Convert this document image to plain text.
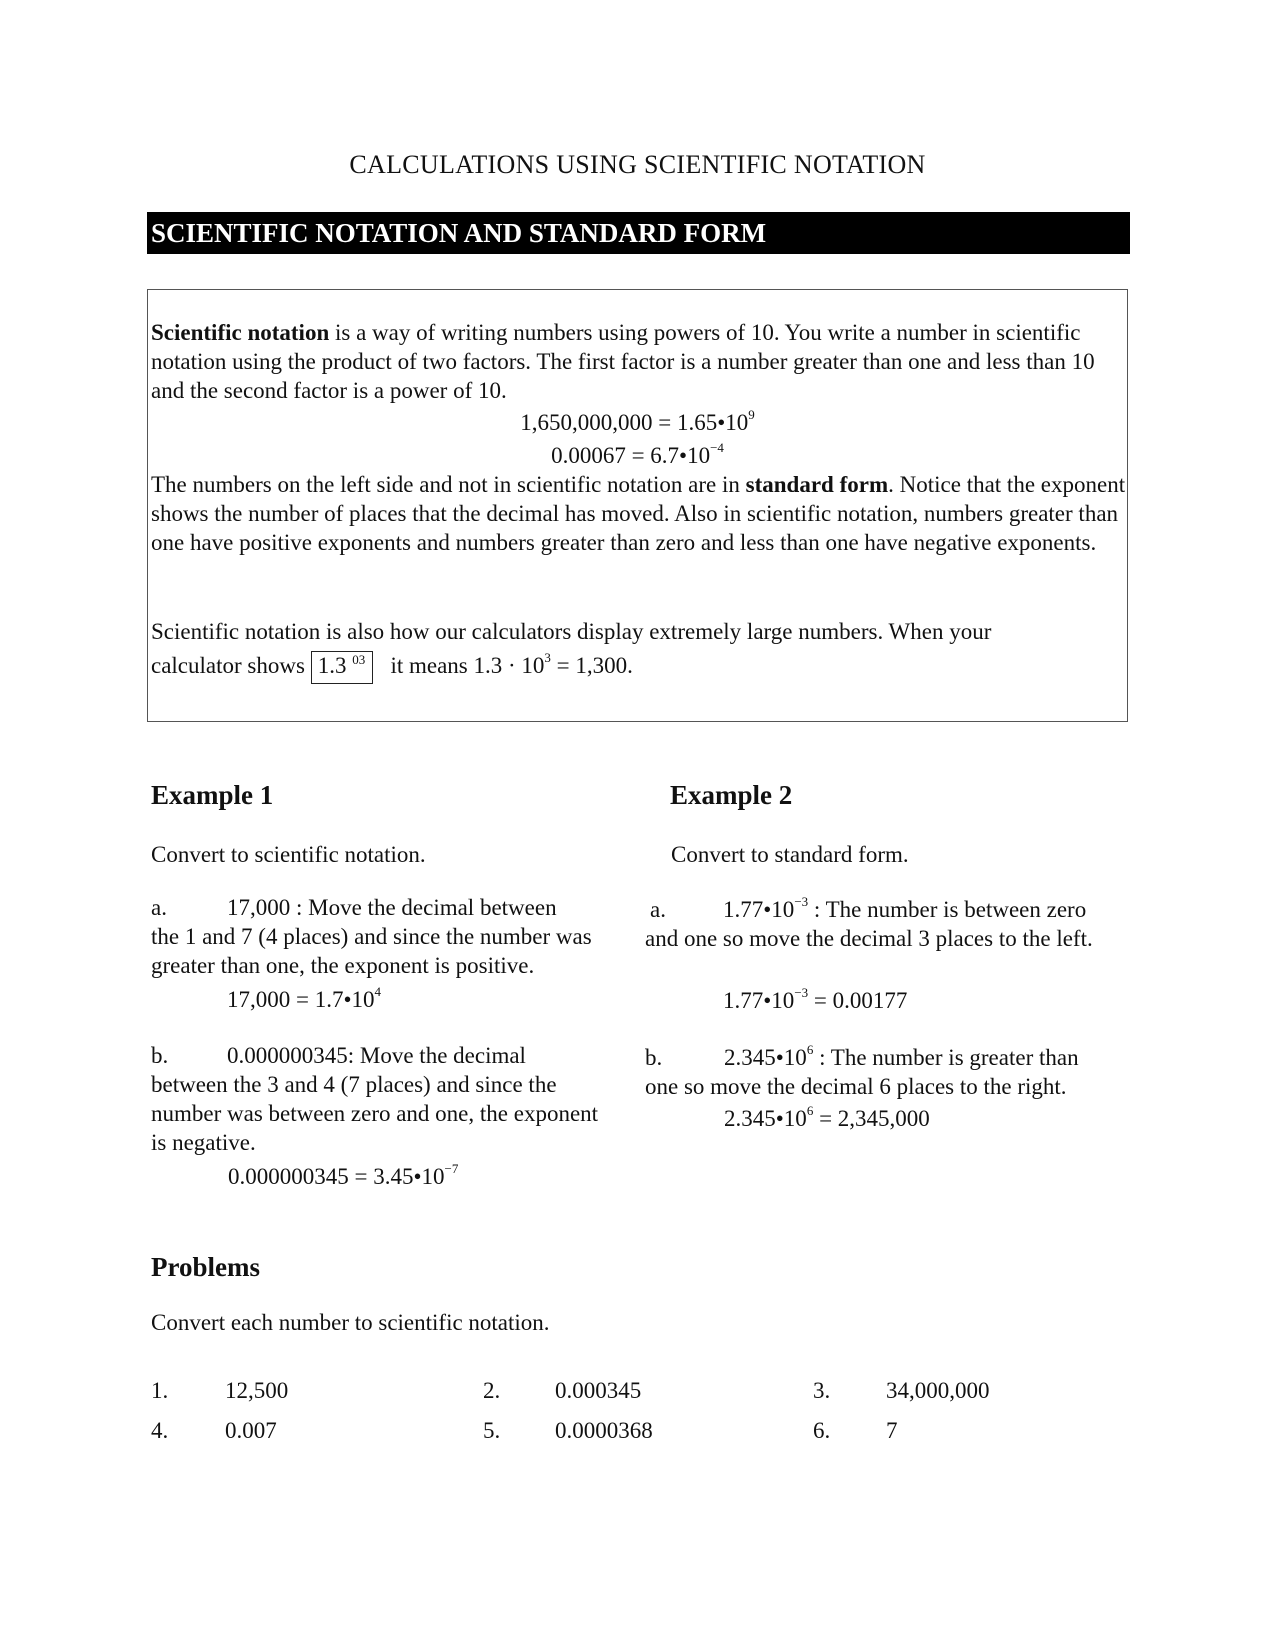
CALCULATIONS USING SCIENTIFIC NOTATION
SCIENTIFIC NOTATION AND STANDARD FORM
Scientific notation is a way of writing numbers using powers of 10. You write a number in scientific notation using the product of two factors. The first factor is a number greater than one and less than 10 and the second factor is a power of 10.
$1,650,000,000 = 1.65•10^9$
$0.00067 = 6.7•10^{-4}$
The numbers on the left side and not in scientific notation are in standard form. Notice that the exponent shows the number of places that the decimal has moved. Also in scientific notation, numbers greater than one have positive exponents and numbers greater than zero and less than one have negative exponents.
Scientific notation is also how our calculators display extremely large numbers. When your
calculator shows 1.3 $^{03}$ it means $1.3 \cdot 10^3 = 1,300$.
Example 1
Convert to scientific notation.
a.	17,000 : Move the decimal between
the 1 and 7 (4 places) and since the number was greater than one, the exponent is positive.
$17,000 = 1.7•10^4$
b.	0.000000345: Move the decimal
between the 3 and 4 (7 places) and since the number was between zero and one, the exponent is negative.
$0.000000345 = 3.45•10^{-7}$
Example 2
Convert to standard form.
a. $1.77•10^{-3}$ : The number is between zero
and one so move the decimal 3 places to the left.
$1.77•10^{-3} = 0.00177$
b.	$2.345•10^6$ : The number is greater than
one so move the decimal 6 places to the right.
$2.345•10^6 = 2,345,000$
Problems
Convert each number to scientific notation.
1. 12,500	2. 0.000345	3. 34,000,000
4. 0.007	5. 0.0000368	6. 7
